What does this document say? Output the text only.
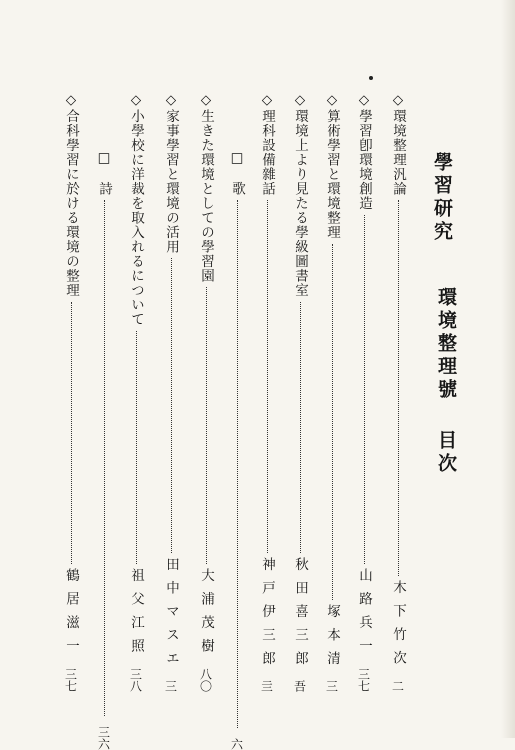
學習研究
環境整理號
目次
◇環境整理汎論
木下竹次
二
◇學習卽環境創造
山路兵一
三七
◇算術學習と環境整理
塚本清
三
◇環境上より見たる學級圖書室
秋田喜三郎
吾
◇理科設備雜話
神戸伊三郎
亖
□　歌
六
◇生きた環境としての學習園
大浦茂樹
八〇
◇家事學習と環境の活用
田中マスエ
三
◇小學校に洋裁を取入れるについて
祖父江照
三八
□　詩
三六
◇合科學習に於ける環境の整理
鶴居滋一
三七
